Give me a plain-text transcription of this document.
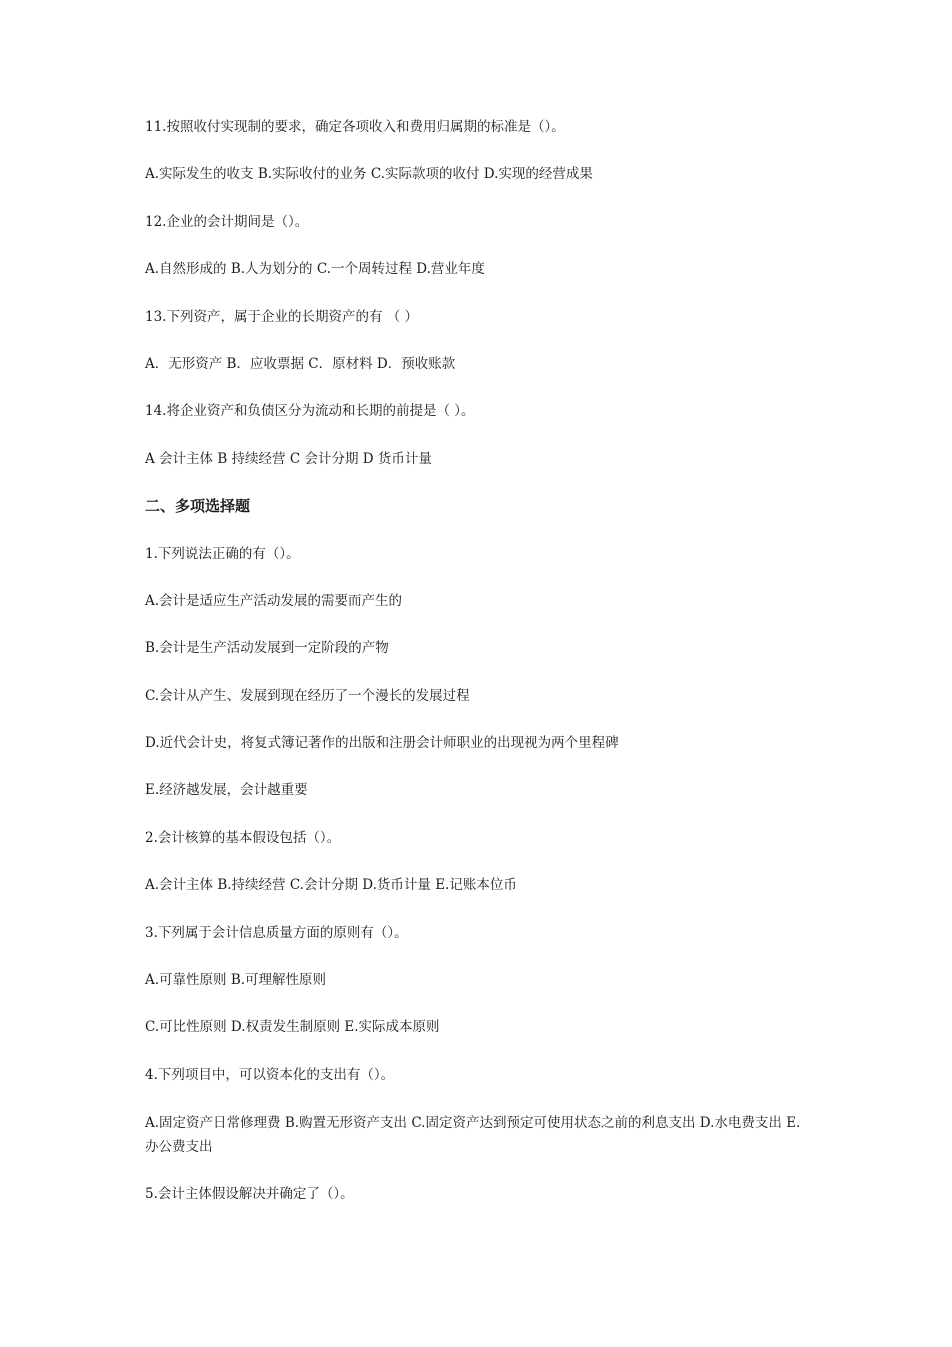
11.按照收付实现制的要求，确定各项收入和费用归属期的标准是（）。
A.实际发生的收支 B.实际收付的业务 C.实际款项的收付 D.实现的经营成果
12.企业的会计期间是（）。
A.自然形成的 B.人为划分的 C.一个周转过程 D.营业年度
13.下列资产，属于企业的长期资产的有 （ ）
A．无形资产 B．应收票据 C．原材料 D．预收账款
14.将企业资产和负债区分为流动和长期的前提是（ ）。
A 会计主体 B 持续经营 C 会计分期 D 货币计量
二、多项选择题
1.下列说法正确的有（）。
A.会计是适应生产活动发展的需要而产生的
B.会计是生产活动发展到一定阶段的产物
C.会计从产生、发展到现在经历了一个漫长的发展过程
D.近代会计史，将复式簿记著作的出版和注册会计师职业的出现视为两个里程碑
E.经济越发展，会计越重要
2.会计核算的基本假设包括（）。
A.会计主体 B.持续经营 C.会计分期 D.货币计量 E.记账本位币
3.下列属于会计信息质量方面的原则有（）。
A.可靠性原则 B.可理解性原则
C.可比性原则 D.权责发生制原则 E.实际成本原则
4.下列项目中，可以资本化的支出有（）。
A.固定资产日常修理费 B.购置无形资产支出 C.固定资产达到预定可使用状态之前的利息支出 D.水电费支出 E.办公费支出
5.会计主体假设解决并确定了（）。
